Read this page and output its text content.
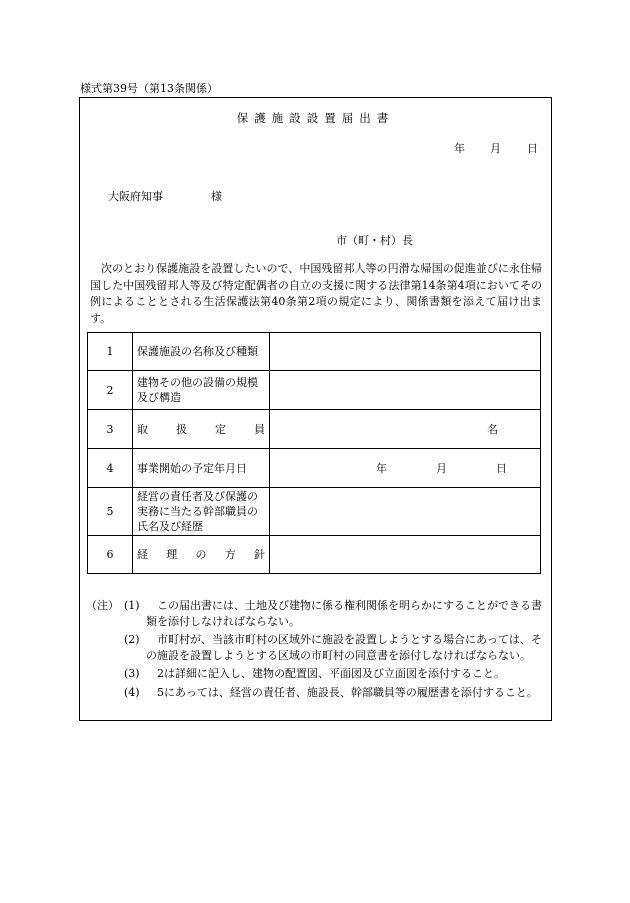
様式第39号（第13条関係）
保護施設設置届出書
年 月 日
大阪府知事	様
市（町・村）長
次のとおり保護施設を設置したいので、中国残留邦人等の円滑な帰国の促進並びに永住帰国した中国残留邦人等及び特定配偶者の自立の支援に関する法律第14条第4項においてその例によることとされる生活保護法第40条第2項の規定により、関係書類を添えて届け出ます。
1	保護施設の名称及び種類	
2	建物その他の設備の規模及び構造	
3	取 扱 定 員	名

4	事業開始の予定年月日	年 月 日

5	経営の責任者及び保護の実務に当たる幹部職員の氏名及び経歴	
6	経 理 の 方 針	

（注） (1)	この届出書には、土地及び建物に係る権利関係を明らかにすることができる書類を添付しなければならない。
(2)	市町村が、当該市町村の区域外に施設を設置しようとする場合にあっては、その施設を設置しようとする区域の市町村の同意書を添付しなければならない。
(3)	2は詳細に記入し、建物の配置図、平面図及び立面図を添付すること。
(4)	5にあっては、経営の責任者、施設長、幹部職員等の履歴書を添付すること。
